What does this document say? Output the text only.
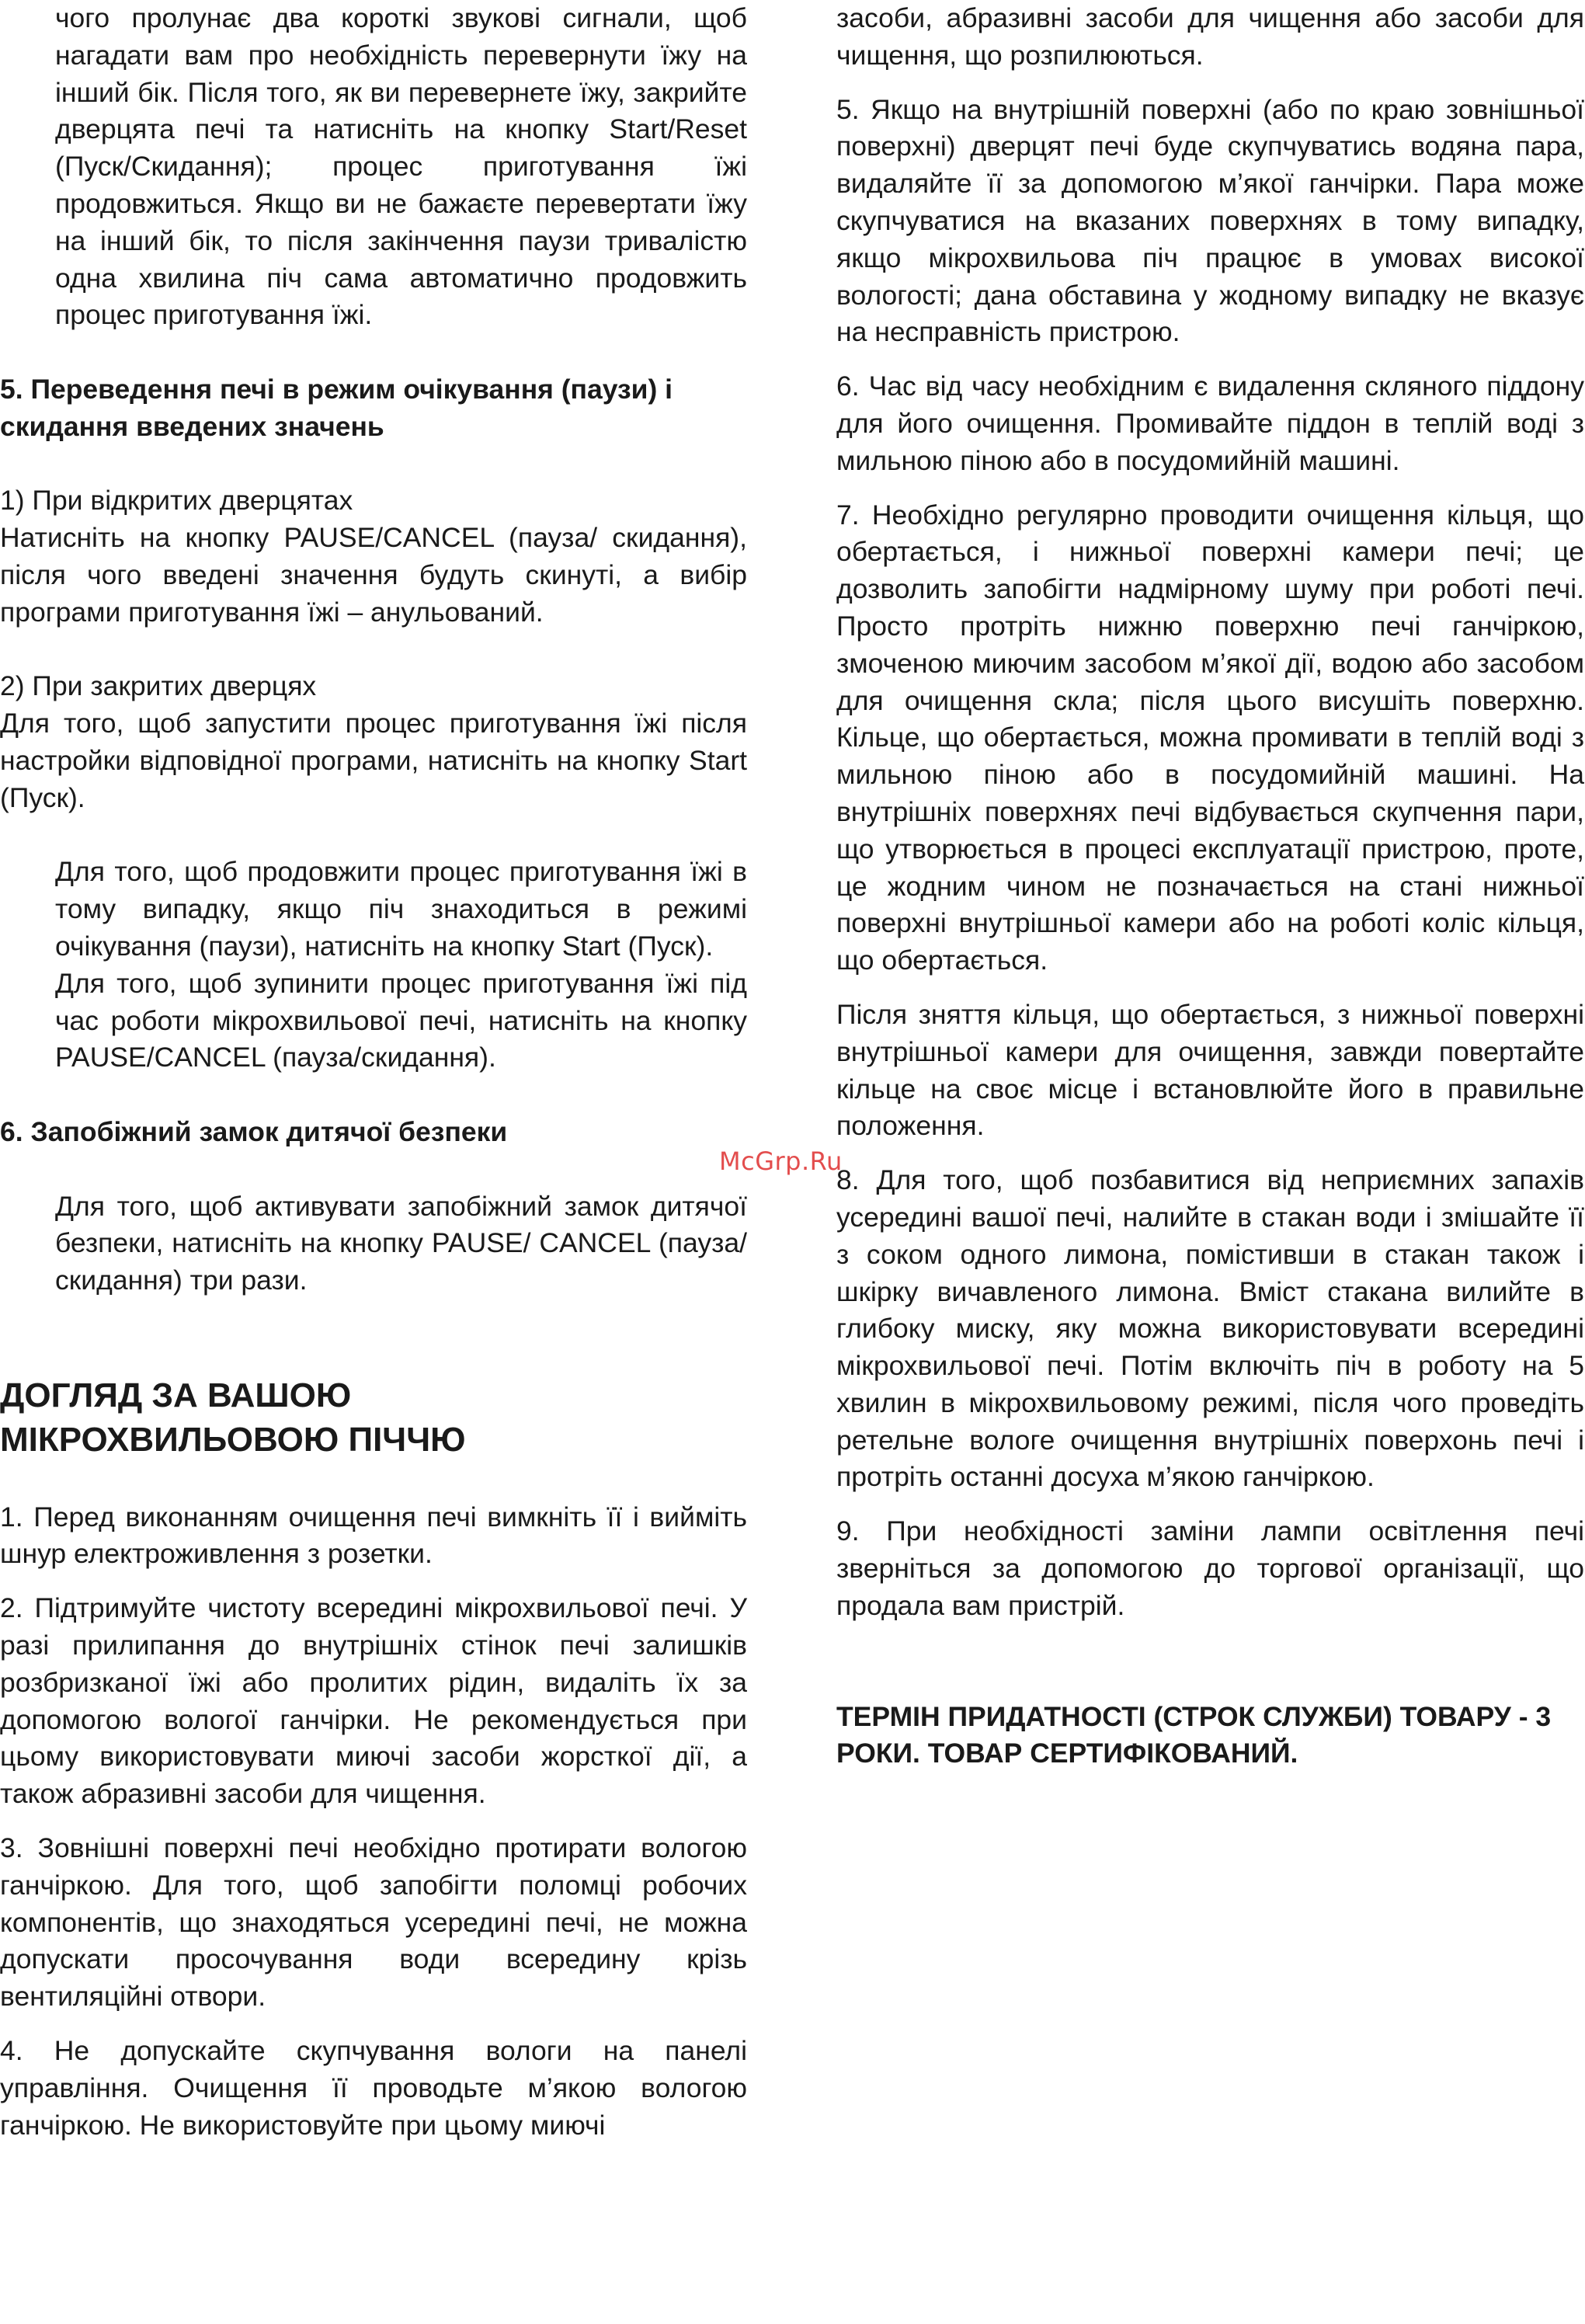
чого пролунає два короткі звукові сигнали, щоб нагадати вам про необхідність перевернути їжу на інший бік. Після того, як ви перевернете їжу, закрийте дверцята печі та натисніть на кнопку Start/Reset (Пуск/Скидання); процес приготування їжі продовжиться. Якщо ви не бажаєте перевертати їжу на інший бік, то після закінчення паузи тривалістю одна хвилина піч сама автоматично продовжить процес приготування їжі.

5. Переведення печі в режим очікування (паузи) і скидання введених значень

1) При відкритих дверцятах

Натисніть на кнопку PAUSE/CANCEL (пауза/ скидання), після чого введені значення будуть скинуті, а вибір програми приготування їжі – анульований.

2) При закритих дверцях

Для того, щоб запустити процес приготування їжі після настройки відповідної програми, натисніть на кнопку Start (Пуск).

Для того, щоб продовжити процес приготування їжі в тому випадку, якщо піч знаходиться в режимі очікування (паузи), натисніть на кнопку Start (Пуск).

Для того, щоб зупинити процес приготування їжі під час роботи мікрохвильової печі, натисніть на кнопку PAUSE/CANCEL (пауза/скидання).

6. Запобіжний замок дитячої безпеки

Для того, щоб активувати запобіжний замок дитячої безпеки, натисніть на кнопку PAUSE/ CANCEL (пауза/скидання) три рази.

ДОГЛЯД ЗА ВАШОЮ

МІКРОХВИЛЬОВОЮ ПІЧЧЮ

1. Перед виконанням очищення печі вимкніть її і вийміть шнур електроживлення з розетки.

2. Підтримуйте чистоту всередині мікрохвильової печі. У разі прилипання до внутрішніх стінок печі залишків розбризканої їжі або пролитих рідин, видаліть їх за допомогою вологої ганчірки. Не рекомендується при цьому використовувати миючі засоби жорсткої дії, а також абразивні засоби для чищення.

3. Зовнішні поверхні печі необхідно протирати вологою ганчіркою. Для того, щоб запобігти поломці робочих компонентів, що знаходяться усередині печі, не можна допускати просочування води всередину крізь вентиляційні отвори.

4. Не допускайте скупчування вологи на панелі управління. Очищення її проводьте м’якою вологою ганчіркою. Не використовуйте при цьому миючі

засоби, абразивні засоби для чищення або засоби для чищення, що розпилюються.

5. Якщо на внутрішній поверхні (або по краю зовнішньої поверхні) дверцят печі буде скупчуватись водяна пара, видаляйте її за допомогою м’якої ганчірки. Пара може скупчуватися на вказаних поверхнях в тому випадку, якщо мікрохвильова піч працює в умовах високої вологості; дана обставина у жодному випадку не вказує на несправність пристрою.

6. Час від часу необхідним є видалення скляного піддону для його очищення. Промивайте піддон в теплій воді з мильною піною або в посудомийній машині.

7. Необхідно регулярно проводити очищення кільця, що обертається, і нижньої поверхні камери печі; це дозволить запобігти надмірному шуму при роботі печі. Просто протріть нижню поверхню печі ганчіркою, змоченою миючим засобом м’якої дії, водою або засобом для очищення скла; після цього висушіть поверхню. Кільце, що обертається, можна промивати в теплій воді з мильною піною або в посудомийній машині. На внутрішніх поверхнях печі відбувається скупчення пари, що утворюється в процесі експлуатації пристрою, проте, це жодним чином не позначається на стані нижньої поверхні внутрішньої камери або на роботі коліс кільця, що обертається.

Після зняття кільця, що обертається, з нижньої поверхні внутрішньої камери для очищення, завжди повертайте кільце на своє місце і встановлюйте його в правильне положення.

8. Для того, щоб позбавитися від неприємних запахів усередині вашої печі, налийте в стакан води і змішайте її з соком одного лимона, помістивши в стакан також і шкірку вичавленого лимона. Вміст стакана вилийте в глибоку миску, яку можна використовувати всередині мікрохвильової печі. Потім включіть піч в роботу на 5 хвилин в мікрохвильовому режимі, після чого проведіть ретельне вологе очищення внутрішніх поверхонь печі і протріть останні досуха м’якою ганчіркою.

9. При необхідності заміни лампи освітлення печі зверніться за допомогою до торгової організації, що продала вам пристрій.

ТЕРМІН ПРИДАТНОСТІ (СТРОК СЛУЖБИ) ТОВАРУ - 3 РОКИ. ТОВАР СЕРТИФІКОВАНИЙ.

McGrp.Ru
